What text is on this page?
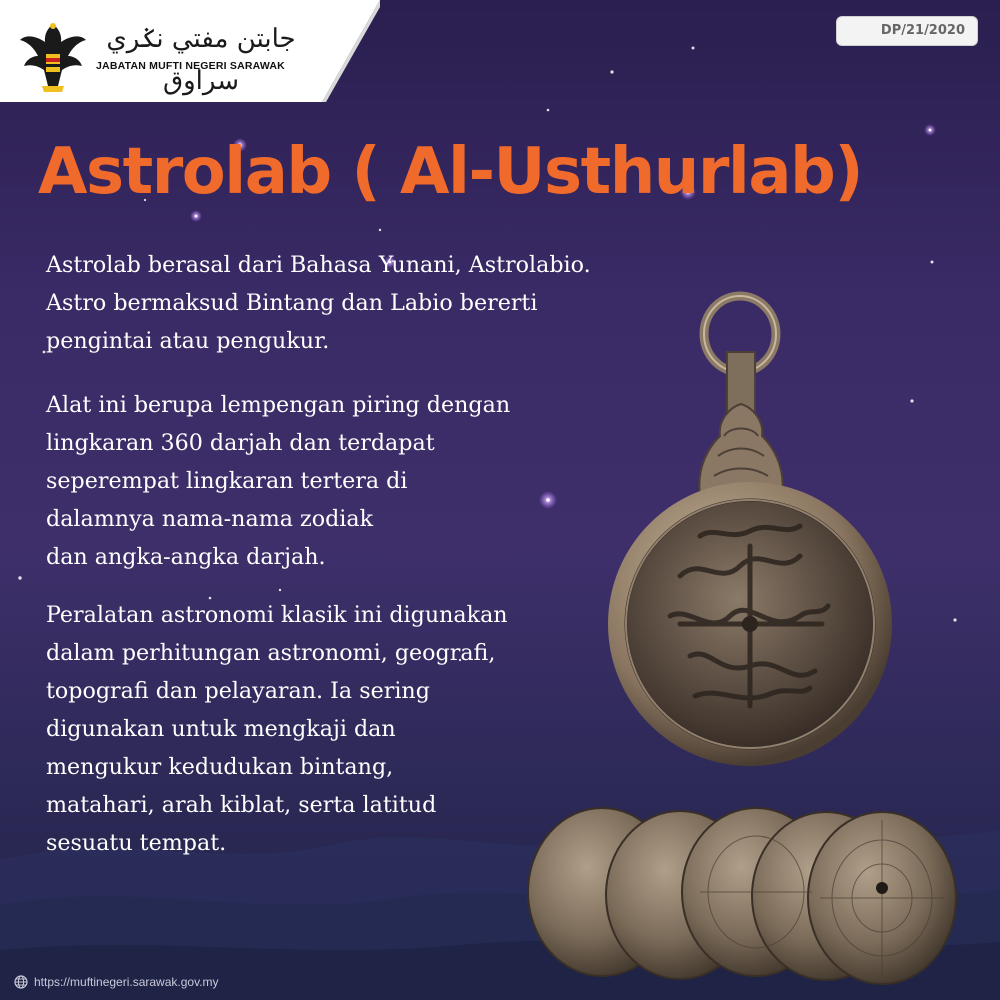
جابتن مفتي نݢري سراوق
JABATAN MUFTI NEGERI SARAWAK
DP/21/2020
Astrolab ( Al-Usthurlab)

Astrolab berasal dari Bahasa Yunani, Astrolabio.
Astro bermaksud Bintang dan Labio bererti
pengintai atau pengukur.

Alat ini berupa lempengan piring dengan
lingkaran 360 darjah dan terdapat
seperempat lingkaran tertera di
dalamnya nama-nama zodiak
dan angka-angka darjah.

Peralatan astronomi klasik ini digunakan
dalam perhitungan astronomi, geografi,
topografi dan pelayaran. Ia sering
digunakan untuk mengkaji dan
mengukur kedudukan bintang,
matahari, arah kiblat, serta latitud
sesuatu tempat.

https://muftinegeri.sarawak.gov.my
